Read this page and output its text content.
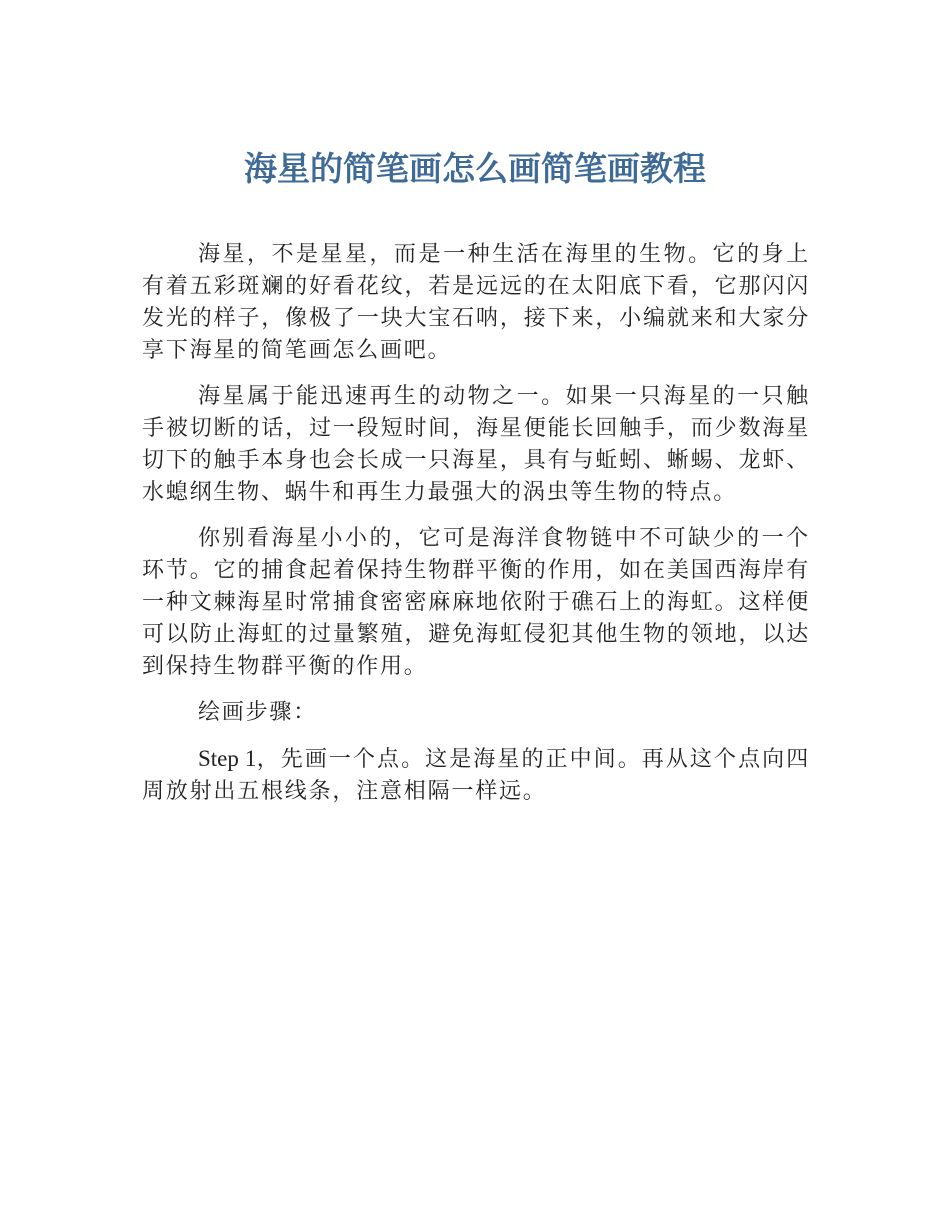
海星的简笔画怎么画简笔画教程

海星，不是星星，而是一种生活在海里的生物。它的身上有着五彩斑斓的好看花纹，若是远远的在太阳底下看，它那闪闪发光的样子，像极了一块大宝石呐，接下来，小编就来和大家分享下海星的简笔画怎么画吧。

海星属于能迅速再生的动物之一。如果一只海星的一只触手被切断的话，过一段短时间，海星便能长回触手，而少数海星切下的触手本身也会长成一只海星，具有与蚯蚓、蜥蜴、龙虾、水螅纲生物、蜗牛和再生力最强大的涡虫等生物的特点。

你别看海星小小的，它可是海洋食物链中不可缺少的一个环节。它的捕食起着保持生物群平衡的作用，如在美国西海岸有一种文棘海星时常捕食密密麻麻地依附于礁石上的海虹。这样便可以防止海虹的过量繁殖，避免海虹侵犯其他生物的领地，以达到保持生物群平衡的作用。

绘画步骤：

Step 1，先画一个点。这是海星的正中间。再从这个点向四周放射出五根线条，注意相隔一样远。
